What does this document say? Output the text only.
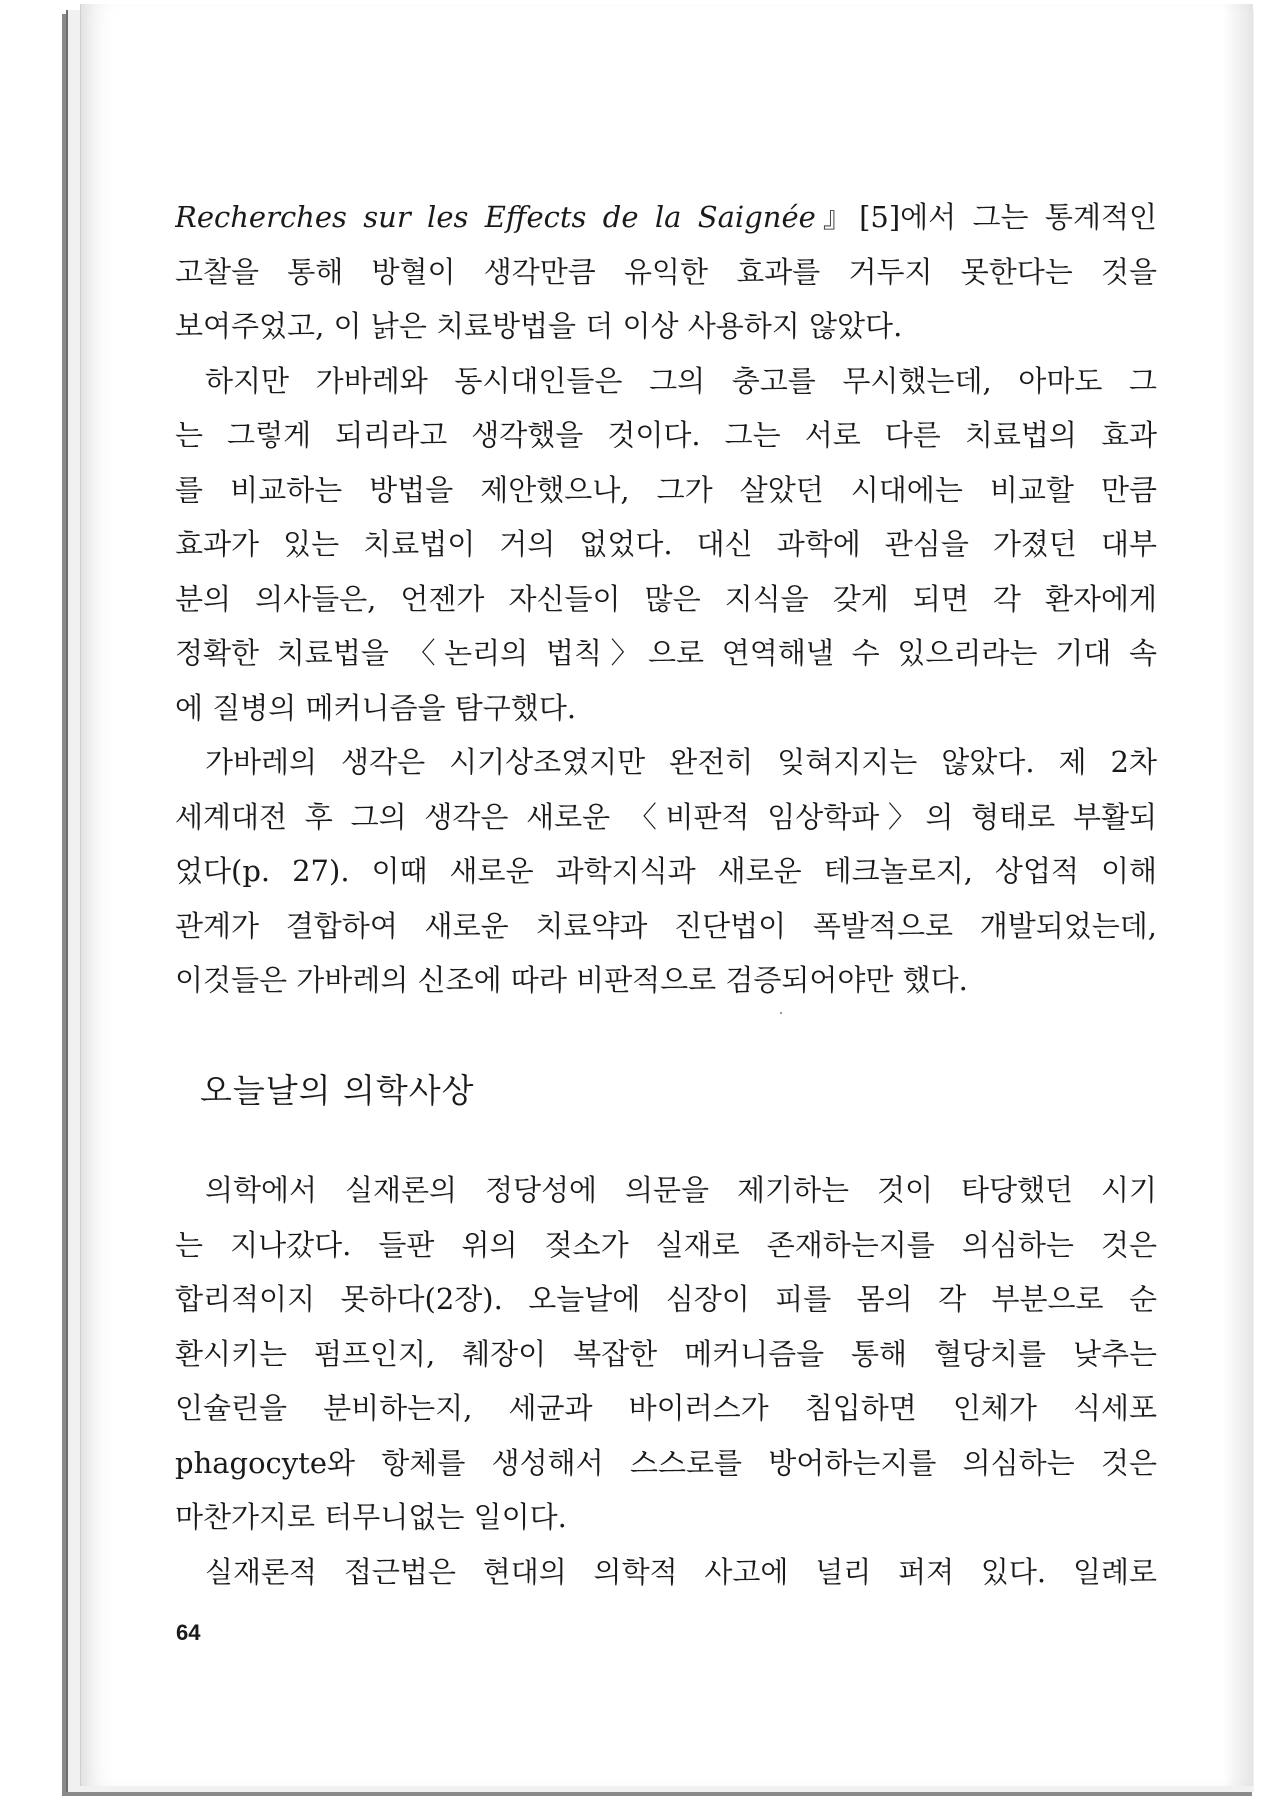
Recherches sur les Effects de la Saignée』[5]에서 그는 통계적인
고찰을 통해 방혈이 생각만큼 유익한 효과를 거두지 못한다는 것을
보여주었고, 이 낡은 치료방법을 더 이상 사용하지 않았다.
하지만 가바레와 동시대인들은 그의 충고를 무시했는데, 아마도 그
는 그렇게 되리라고 생각했을 것이다. 그는 서로 다른 치료법의 효과
를 비교하는 방법을 제안했으나, 그가 살았던 시대에는 비교할 만큼
효과가 있는 치료법이 거의 없었다. 대신 과학에 관심을 가졌던 대부
분의 의사들은, 언젠가 자신들이 많은 지식을 갖게 되면 각 환자에게
정확한 치료법을 〈논리의 법칙〉으로 연역해낼 수 있으리라는 기대 속
에 질병의 메커니즘을 탐구했다.
가바레의 생각은 시기상조였지만 완전히 잊혀지지는 않았다. 제 2차
세계대전 후 그의 생각은 새로운 〈비판적 임상학파〉의 형태로 부활되
었다(p. 27). 이때 새로운 과학지식과 새로운 테크놀로지, 상업적 이해
관계가 결합하여 새로운 치료약과 진단법이 폭발적으로 개발되었는데,
이것들은 가바레의 신조에 따라 비판적으로 검증되어야만 했다.
오늘날의 의학사상
의학에서 실재론의 정당성에 의문을 제기하는 것이 타당했던 시기
는 지나갔다. 들판 위의 젖소가 실재로 존재하는지를 의심하는 것은
합리적이지 못하다(2장). 오늘날에 심장이 피를 몸의 각 부분으로 순
환시키는 펌프인지, 췌장이 복잡한 메커니즘을 통해 혈당치를 낮추는
인슐린을 분비하는지, 세균과 바이러스가 침입하면 인체가 식세포
phagocyte와 항체를 생성해서 스스로를 방어하는지를 의심하는 것은
마찬가지로 터무니없는 일이다.
실재론적 접근법은 현대의 의학적 사고에 널리 퍼져 있다. 일례로
64
